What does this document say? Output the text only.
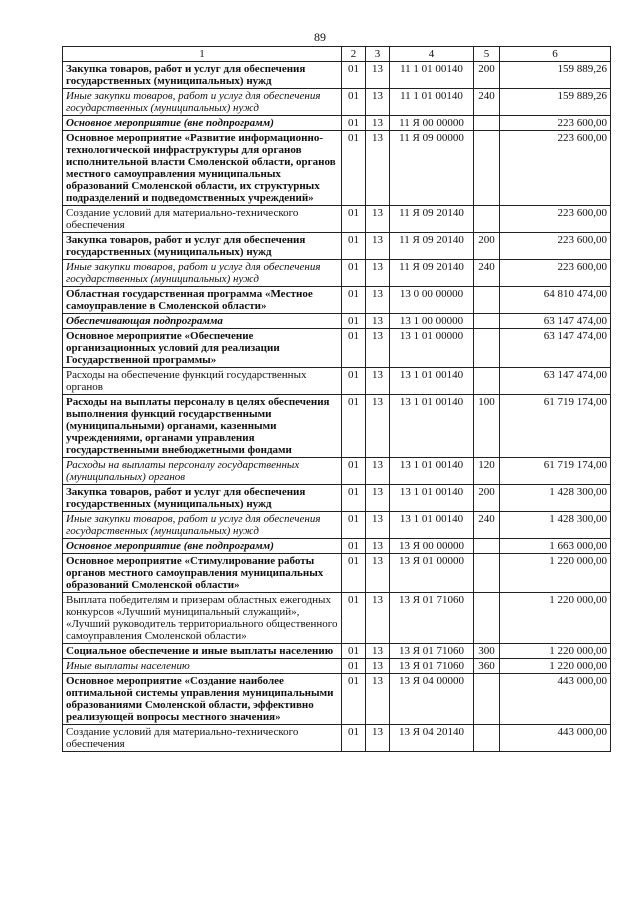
89
1	2	3	4	5	6
Закупка товаров, работ и услуг для обеспечения государственных (муниципальных) нужд	01	13	11 1 01 00140	200	159 889,26
Иные закупки товаров, работ и услуг для обеспечения государственных (муниципальных) нужд	01	13	11 1 01 00140	240	159 889,26
Основное мероприятие (вне подпрограмм)	01	13	11 Я 00 00000		223 600,00
Основное мероприятие «Развитие информационно-технологической инфраструктуры для органов исполнительной власти Смоленской области, органов местного самоуправления муниципальных образований Смоленской области, их структурных подразделений и подведомственных учреждений»	01	13	11 Я 09 00000		223 600,00
Создание условий для материально-технического обеспечения	01	13	11 Я 09 20140		223 600,00
Закупка товаров, работ и услуг для обеспечения государственных (муниципальных) нужд	01	13	11 Я 09 20140	200	223 600,00
Иные закупки товаров, работ и услуг для обеспечения государственных (муниципальных) нужд	01	13	11 Я 09 20140	240	223 600,00
Областная государственная программа «Местное самоуправление в Смоленской области»	01	13	13 0 00 00000		64 810 474,00
Обеспечивающая подпрограмма	01	13	13 1 00 00000		63 147 474,00
Основное мероприятие «Обеспечение организационных условий для реализации Государственной программы»	01	13	13 1 01 00000		63 147 474,00
Расходы на обеспечение функций государственных органов	01	13	13 1 01 00140		63 147 474,00
Расходы на выплаты персоналу в целях обеспечения выполнения функций государственными (муниципальными) органами, казенными учреждениями, органами управления государственными внебюджетными фондами	01	13	13 1 01 00140	100	61 719 174,00
Расходы на выплаты персоналу государственных (муниципальных) органов	01	13	13 1 01 00140	120	61 719 174,00
Закупка товаров, работ и услуг для обеспечения государственных (муниципальных) нужд	01	13	13 1 01 00140	200	1 428 300,00
Иные закупки товаров, работ и услуг для обеспечения государственных (муниципальных) нужд	01	13	13 1 01 00140	240	1 428 300,00
Основное мероприятие (вне подпрограмм)	01	13	13 Я 00 00000		1 663 000,00
Основное мероприятие «Стимулирование работы органов местного самоуправления муниципальных образований Смоленской области»	01	13	13 Я 01 00000		1 220 000,00
Выплата победителям и призерам областных ежегодных конкурсов «Лучший муниципальный служащий», «Лучший руководитель территориального общественного самоуправления Смоленской области»	01	13	13 Я 01 71060		1 220 000,00
Социальное обеспечение и иные выплаты населению	01	13	13 Я 01 71060	300	1 220 000,00
Иные выплаты населению	01	13	13 Я 01 71060	360	1 220 000,00
Основное мероприятие «Создание наиболее оптимальной системы управления муниципальными образованиями Смоленской области, эффективно реализующей вопросы местного значения»	01	13	13 Я 04 00000		443 000,00
Создание условий для материально-технического обеспечения	01	13	13 Я 04 20140		443 000,00
